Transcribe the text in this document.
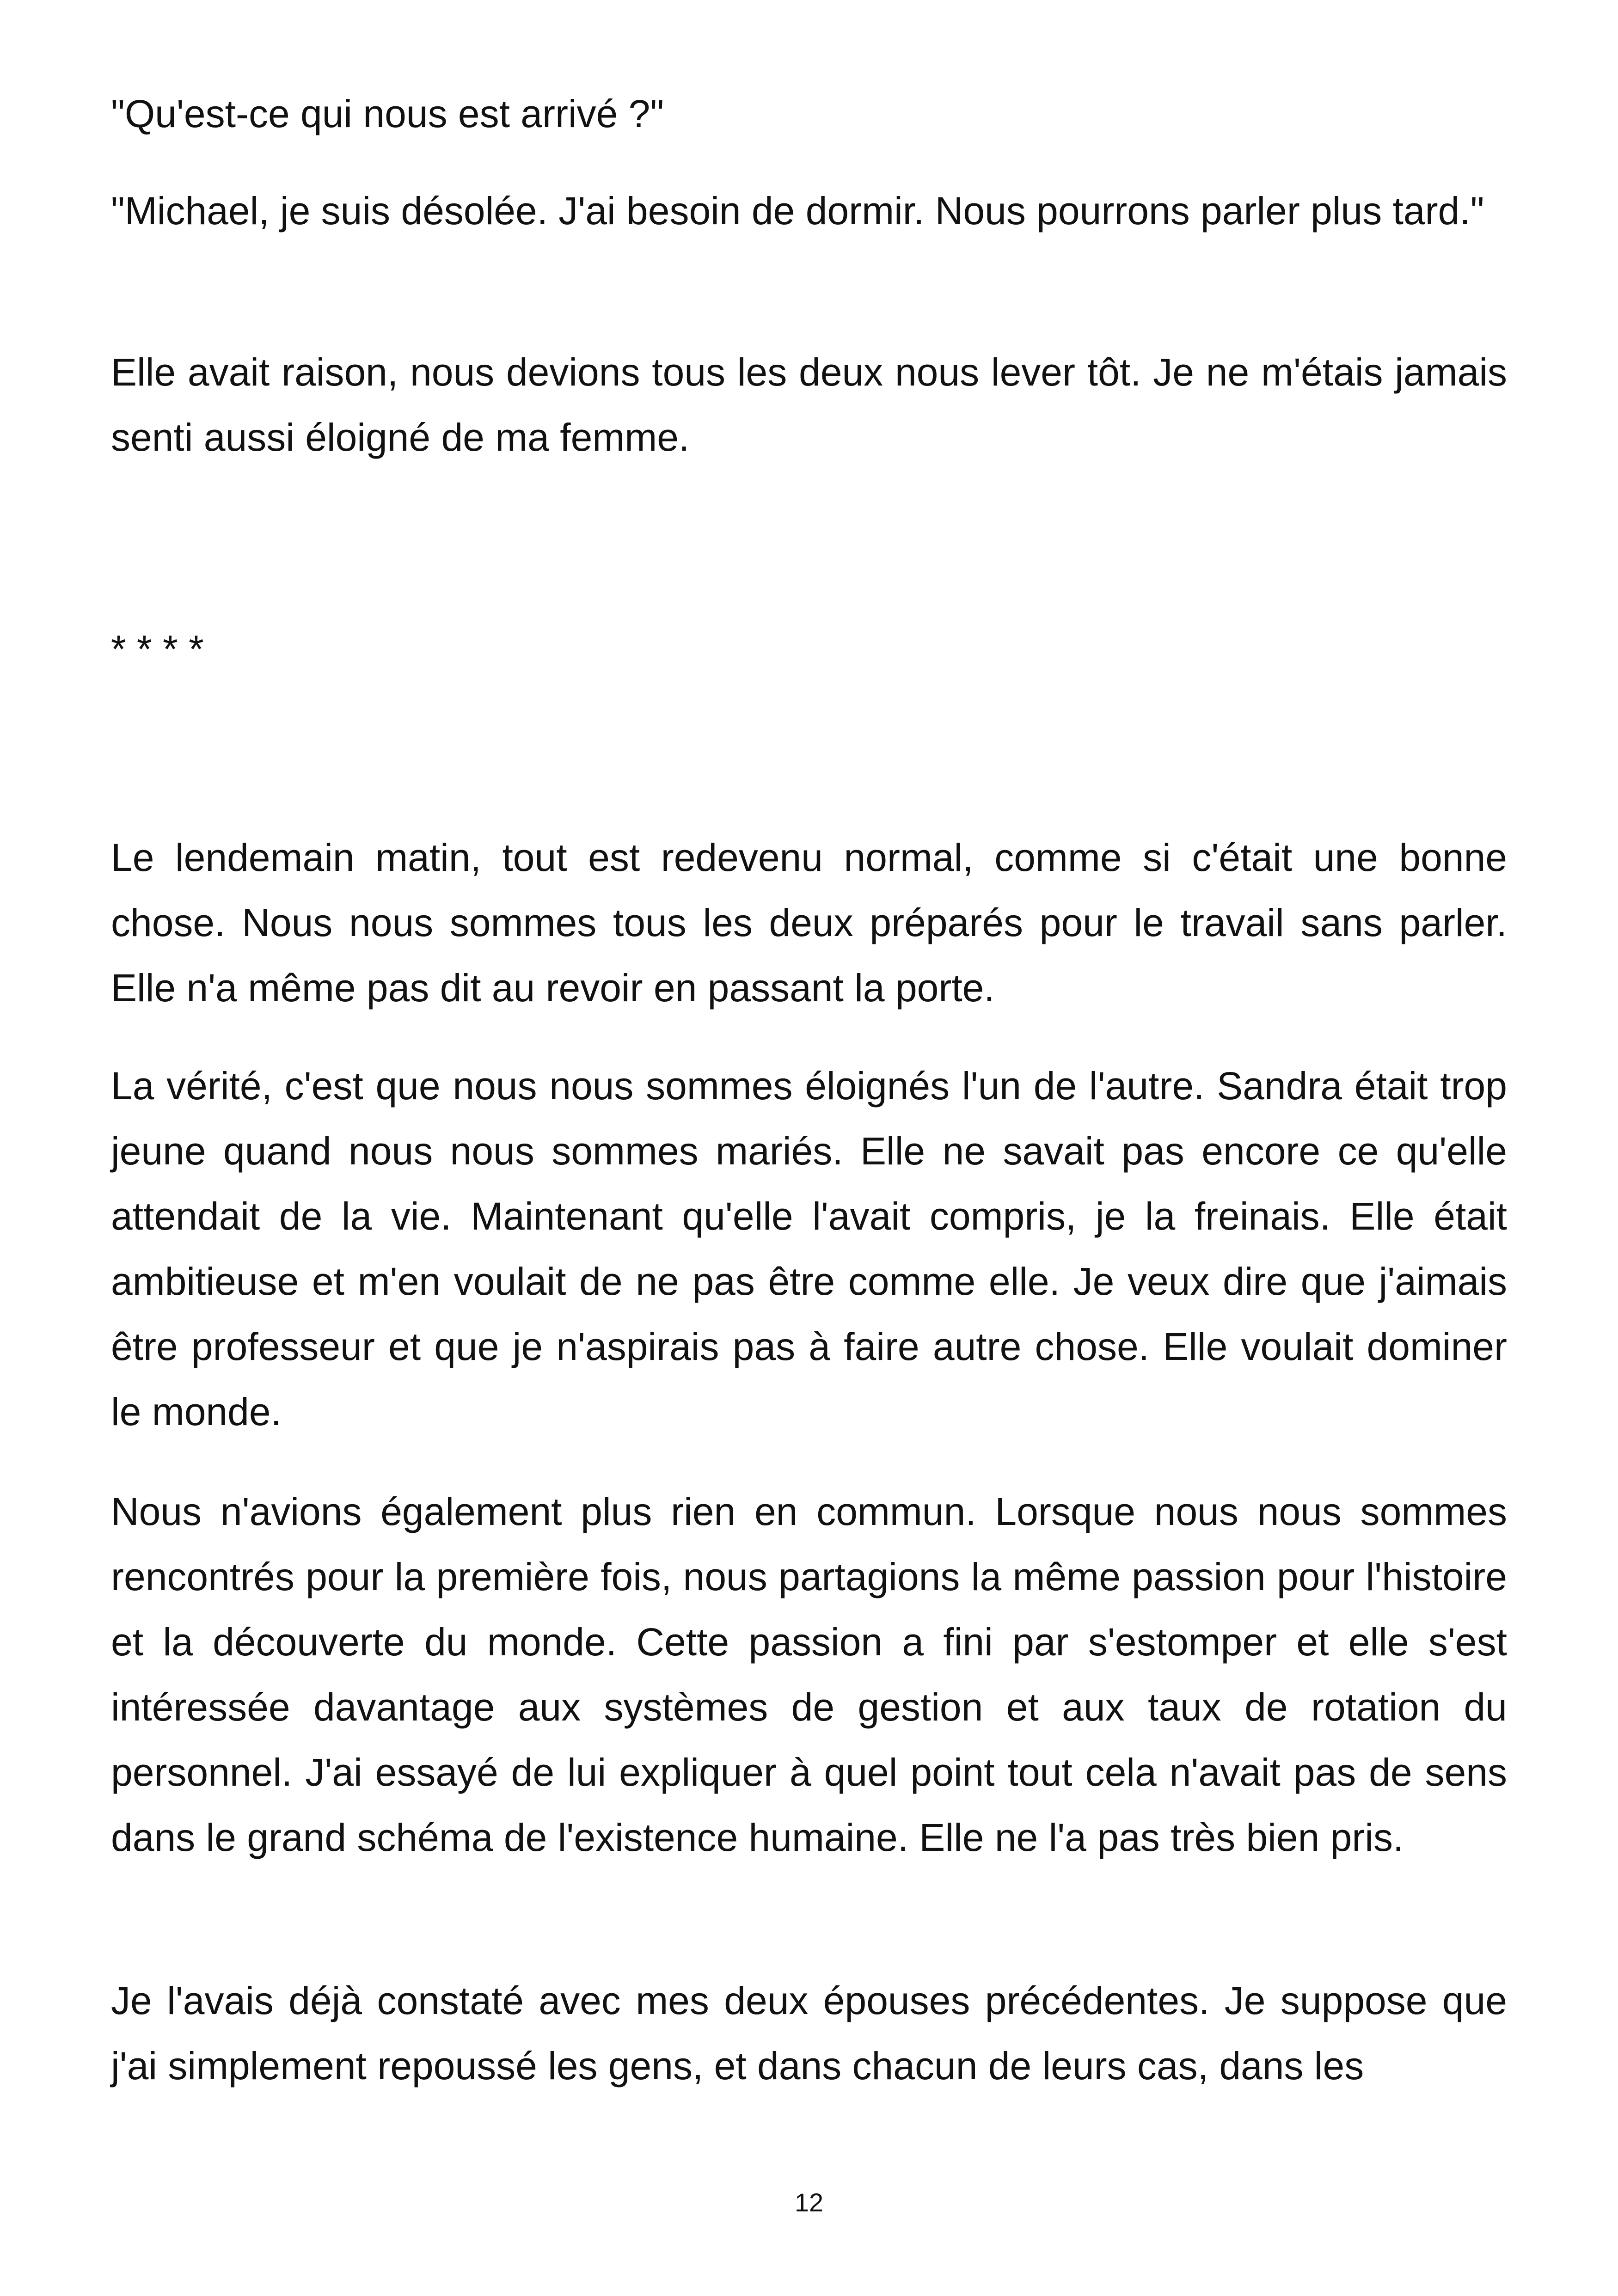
"Qu'est-ce qui nous est arrivé ?"

"Michael, je suis désolée. J'ai besoin de dormir. Nous pourrons parler plus tard."

Elle avait raison, nous devions tous les deux nous lever tôt. Je ne m'étais jamais senti aussi éloigné de ma femme.

* * * *

Le lendemain matin, tout est redevenu normal, comme si c'était une bonne chose. Nous nous sommes tous les deux préparés pour le travail sans parler. Elle n'a même pas dit au revoir en passant la porte.

La vérité, c'est que nous nous sommes éloignés l'un de l'autre. Sandra était trop jeune quand nous nous sommes mariés. Elle ne savait pas encore ce qu'elle attendait de la vie. Maintenant qu'elle l'avait compris, je la freinais. Elle était ambitieuse et m'en voulait de ne pas être comme elle. Je veux dire que j'aimais être professeur et que je n'aspirais pas à faire autre chose. Elle voulait dominer le monde.

Nous n'avions également plus rien en commun. Lorsque nous nous sommes rencontrés pour la première fois, nous partagions la même passion pour l'histoire et la découverte du monde. Cette passion a fini par s'estomper et elle s'est intéressée davantage aux systèmes de gestion et aux taux de rotation du personnel. J'ai essayé de lui expliquer à quel point tout cela n'avait pas de sens dans le grand schéma de l'existence humaine. Elle ne l'a pas très bien pris.

Je l'avais déjà constaté avec mes deux épouses précédentes. Je suppose que j'ai simplement repoussé les gens, et dans chacun de leurs cas, dans les

12
